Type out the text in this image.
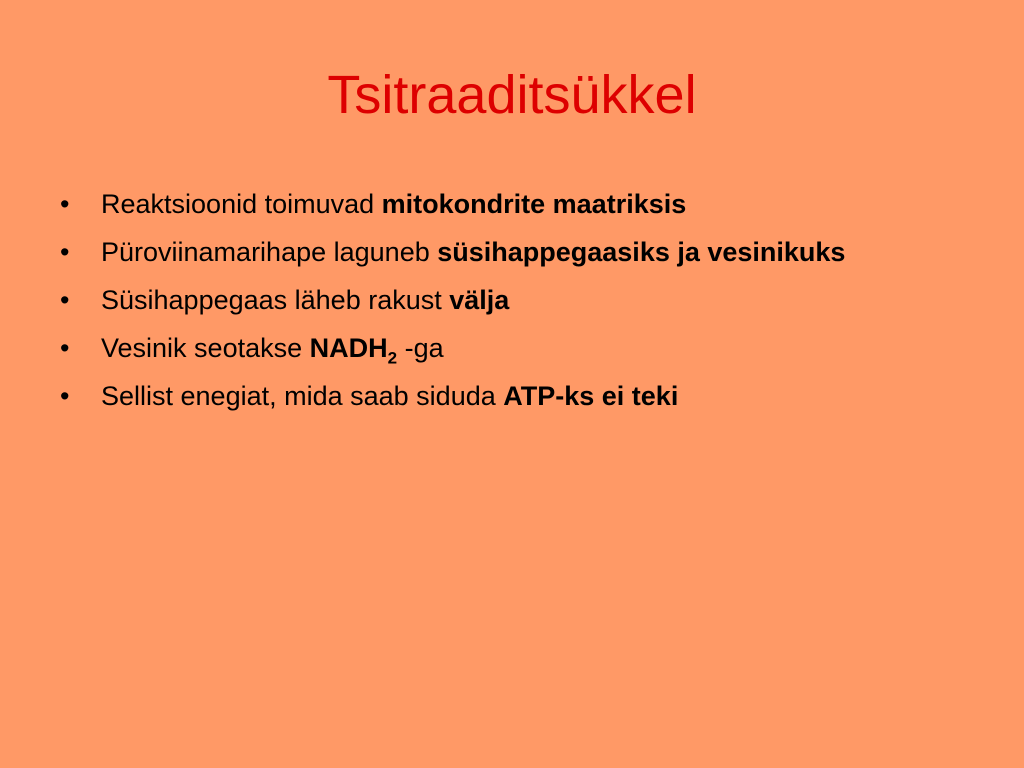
Tsitraaditsükkel
•	Reaktsioonid toimuvad mitokondrite maatriksis
•	Püroviinamarihape laguneb süsihappegaasiks ja vesinikuks
•	Süsihappegaas läheb rakust välja
•	Vesinik seotakse $NADH_2$ -ga
•	Sellist enegiat, mida saab siduda ATP-ks ei teki
